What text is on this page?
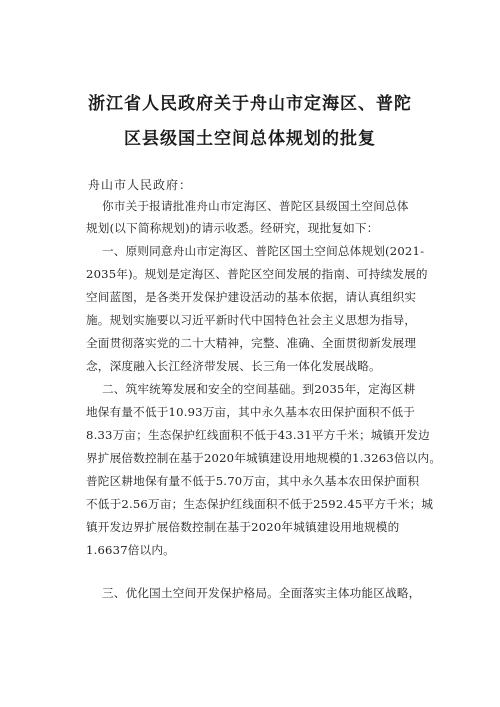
浙江省人民政府关于舟山市定海区、普陀
区县级国土空间总体规划的批复
舟山市人民政府：
你市关于报请批准舟山市定海区、普陀区县级国土空间总体
规划(以下简称规划)的请示收悉。经研究，现批复如下：
一、原则同意舟山市定海区、普陀区国土空间总体规划(2021-
2035年)。规划是定海区、普陀区空间发展的指南、可持续发展的
空间蓝图，是各类开发保护建设活动的基本依据，请认真组织实
施。规划实施要以习近平新时代中国特色社会主义思想为指导，
全面贯彻落实党的二十大精神，完整、准确、全面贯彻新发展理
念，深度融入长江经济带发展、长三角一体化发展战略。
二、筑牢统筹发展和安全的空间基础。到2035年，定海区耕
地保有量不低于10.93万亩，其中永久基本农田保护面积不低于
8.33万亩；生态保护红线面积不低于43.31平方千米；城镇开发边
界扩展倍数控制在基于2020年城镇建设用地规模的1.3263倍以内。
普陀区耕地保有量不低于5.70万亩，其中永久基本农田保护面积
不低于2.56万亩；生态保护红线面积不低于2592.45平方千米；城
镇开发边界扩展倍数控制在基于2020年城镇建设用地规模的
1.6637倍以内。
三、优化国土空间开发保护格局。全面落实主体功能区战略，
